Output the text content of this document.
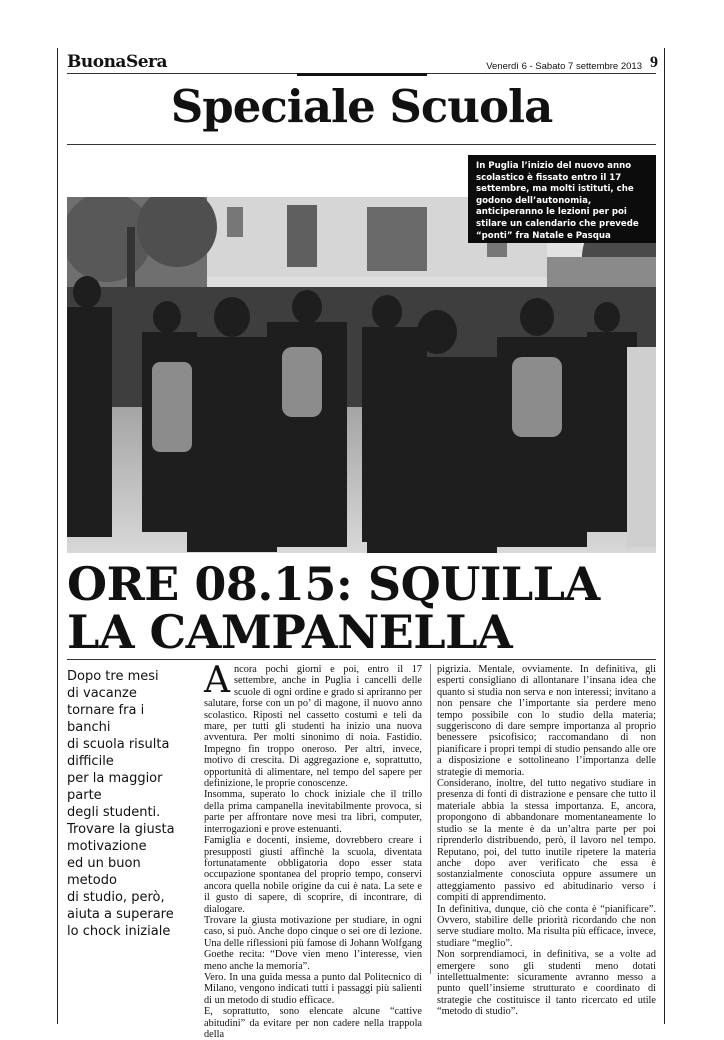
BuonaSera	Venerdì 6 - Sabato 7 settembre 2013 9
Speciale Scuola
In Puglia l’inizio del nuovo anno scolastico è fissato entro il 17 settembre, ma molti istituti, che godono dell’autonomia, anticiperanno le lezioni per poi stilare un calendario che prevede “ponti” fra Natale e Pasqua
ORE 08.15: SQUILLA
LA CAMPANELLA
Dopo tre mesi
di vacanze
tornare fra i
banchi
di scuola risulta
difficile
per la maggior
parte
degli studenti.
Trovare la giusta
motivazione
ed un buon
metodo
di studio, però,
aiuta a superare
lo chock iniziale

Ancora pochi giorni e poi, entro il 17 settembre, anche in Puglia i cancelli delle scuole di ogni ordine e grado si apriranno per salutare, forse con un po’ di magone, il nuovo anno scolastico. Riposti nel cassetto costumi e teli da mare, per tutti gli studenti ha inizio una nuova avventura. Per molti sinonimo di noia. Fastidio. Impegno fin troppo oneroso. Per altri, invece, motivo di crescita. Di aggregazione e, soprattutto, opportunità di alimentare, nel tempo del sapere per definizione, le proprie conoscenze.

Insomma, superato lo chock iniziale che il trillo della prima campanella inevitabilmente provoca, si parte per affrontare nove mesi tra libri, computer, interrogazioni e prove estenuanti.

Famiglia e docenti, insieme, dovrebbero creare i presupposti giusti affinchè la scuola, diventata fortunatamente obbligatoria dopo esser stata occupazione spontanea del proprio tempo, conservi ancora quella nobile origine da cui è nata. La sete e il gusto di sapere, di scoprire, di incontrare, di dialogare.

Trovare la giusta motivazione per studiare, in ogni caso, si può. Anche dopo cinque o sei ore di lezione. Una delle riflessioni più famose di Johann Wolfgang Goethe recita: “Dove vien meno l’interesse, vien meno anche la memoria”.

Vero. In una guida messa a punto dal Politecnico di Milano, vengono indicati tutti i passaggi più salienti di un metodo di studio efficace.

E, soprattutto, sono elencate alcune “cattive abitudini” da evitare per non cadere nella trappola della

pigrizia. Mentale, ovviamente. In definitiva, gli esperti consigliano di allontanare l’insana idea che quanto si studia non serva e non interessi; invitano a non pensare che l’importante sia perdere meno tempo possibile con lo studio della materia; suggeriscono di dare sempre importanza al proprio benessere psicofisico; raccomandano di non pianificare i propri tempi di studio pensando alle ore a disposizione e sottolineano l’importanza delle strategie di memoria.

Considerano, inoltre, del tutto negativo studiare in presenza di fonti di distrazione e pensare che tutto il materiale abbia la stessa importanza. E, ancora, propongono di abbandonare momentaneamente lo studio se la mente è da un’altra parte per poi riprenderlo distribuendo, però, il lavoro nel tempo. Reputano, poi, del tutto inutile ripetere la materia anche dopo aver verificato che essa è sostanzialmente conosciuta oppure assumere un atteggiamento passivo ed abitudinario verso i compiti di apprendimento.

In definitiva, dunque, ciò che conta è “pianificare”. Ovvero, stabilire delle priorità ricordando che non serve studiare molto. Ma risulta più efficace, invece, studiare “meglio”.

Non sorprendiamoci, in definitiva, se a volte ad emergere sono gli studenti meno dotati intellettualmente: sicuramente avranno messo a punto quell’insieme strutturato e coordinato di strategie che costituisce il tanto ricercato ed utile “metodo di studio”.
